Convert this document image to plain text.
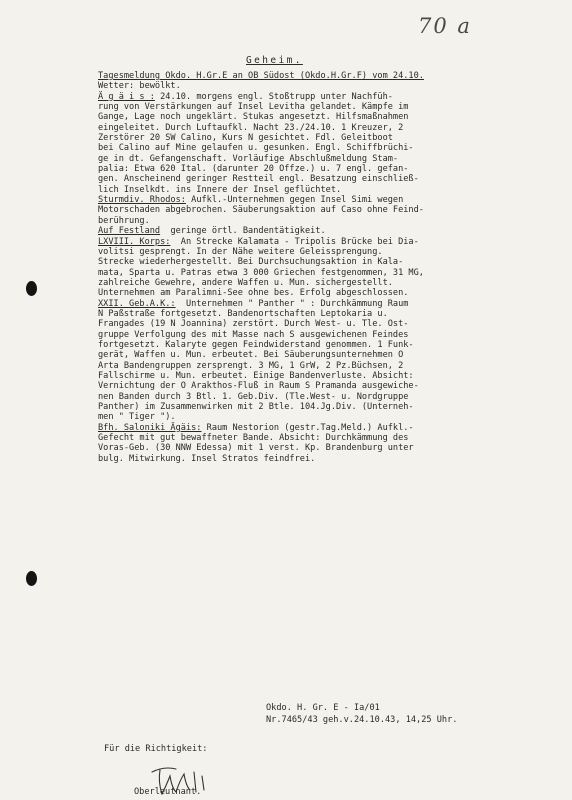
70 a
Geheim.
Tagesmeldung Okdo. H.Gr.E an OB Südost (Okdo.H.Gr.F) vom 24.10.
Wetter: bewölkt.
Ä g ä i s : 24.10. morgens engl. Stoßtrupp unter Nachfüh-
rung von Verstärkungen auf Insel Levitha gelandet. Kämpfe im
Gange, Lage noch ungeklärt. Stukas angesetzt. Hilfsmaßnahmen
eingeleitet. Durch Luftaufkl. Nacht 23./24.10. 1 Kreuzer, 2
Zerstörer 20 SW Calino, Kurs N gesichtet. Fdl. Geleitboot
bei Calino auf Mine gelaufen u. gesunken. Engl. Schiffbrüchi-
ge in dt. Gefangenschaft. Vorläufige Abschlußmeldung Stam-
palia: Etwa 620 Ital. (darunter 20 Offze.) u. 7 engl. gefan-
gen. Anscheinend geringer Restteil engl. Besatzung einschließ-
lich Inselkdt. ins Innere der Insel geflüchtet.
Sturmdiv. Rhodos: Aufkl.-Unternehmen gegen Insel Simi wegen
Motorschaden abgebrochen. Säuberungsaktion auf Caso ohne Feind-
berührung.
Auf Festland  geringe örtl. Bandentätigkeit.
LXVIII. Korps:  An Strecke Kalamata - Tripolis Brücke bei Dia-
volitsi gesprengt. In der Nähe weitere Geleissprengung.
Strecke wiederhergestellt. Bei Durchsuchungsaktion in Kala-
mata, Sparta u. Patras etwa 3 000 Griechen festgenommen, 31 MG,
zahlreiche Gewehre, andere Waffen u. Mun. sichergestellt.
Unternehmen am Paralimni-See ohne bes. Erfolg abgeschlossen.
XXII. Geb.A.K.:  Unternehmen " Panther " : Durchkämmung Raum
N Paßstraße fortgesetzt. Bandenortschaften Leptokaria u.
Frangades (19 N Joannina) zerstört. Durch West- u. Tle. Ost-
gruppe Verfolgung des mit Masse nach S ausgewichenen Feindes
fortgesetzt. Kalaryte gegen Feindwiderstand genommen. 1 Funk-
gerät, Waffen u. Mun. erbeutet. Bei Säuberungsunternehmen O
Arta Bandengruppen zersprengt. 3 MG, 1 GrW, 2 Pz.Büchsen, 2
Fallschirme u. Mun. erbeutet. Einige Bandenverluste. Absicht:
Vernichtung der O Arakthos-Fluß in Raum S Pramanda ausgewiche-
nen Banden durch 3 Btl. 1. Geb.Div. (Tle.West- u. Nordgruppe
Panther) im Zusammenwirken mit 2 Btle. 104.Jg.Div. (Unterneh-
men " Tiger ").
Bfh. Saloniki Ägäis: Raum Nestorion (gestr.Tag.Meld.) Aufkl.-
Gefecht mit gut bewaffneter Bande. Absicht: Durchkämmung des
Voras-Geb. (30 NNW Edessa) mit 1 verst. Kp. Brandenburg unter
bulg. Mitwirkung. Insel Stratos feindfrei.
Okdo. H. Gr. E - Ia/01
Nr.7465/43 geh.v.24.10.43, 14,25 Uhr.
Für die Richtigkeit:
Oberleutnant.
